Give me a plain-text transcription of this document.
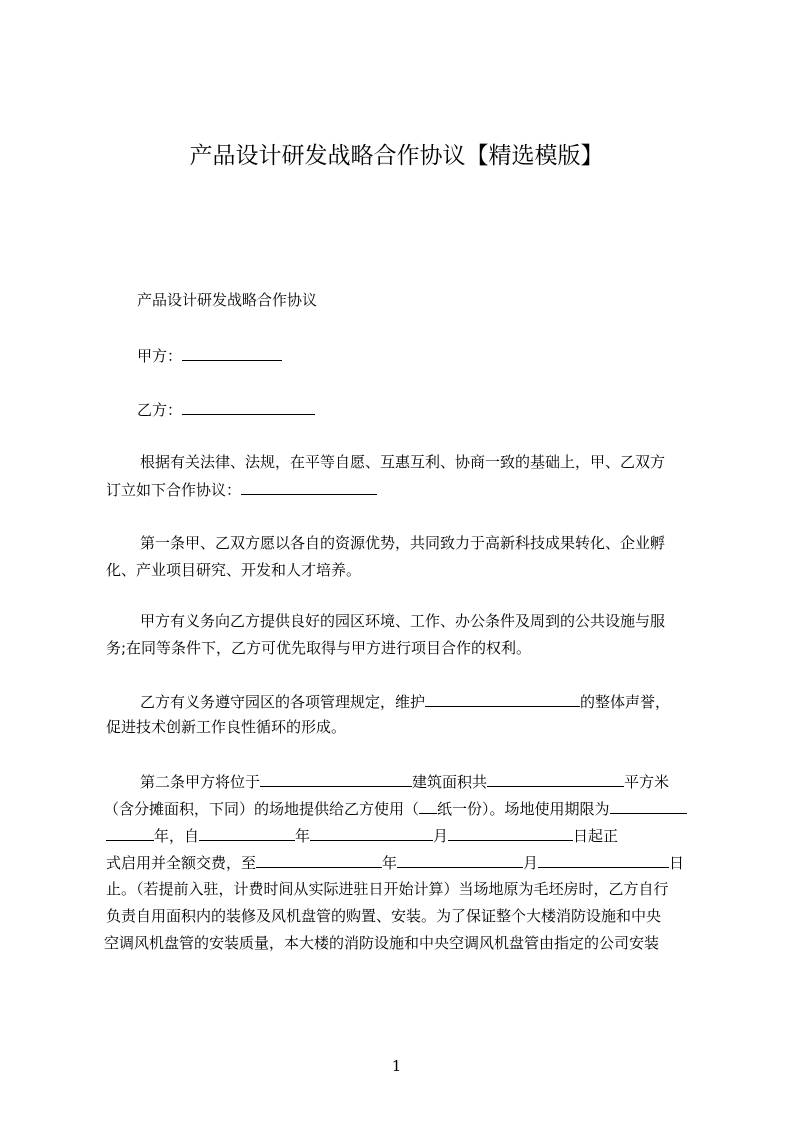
产品设计研发战略合作协议【精选模版】

产品设计研发战略合作协议

甲方：

乙方：

根据有关法律、法规，在平等自愿、互惠互利、协商一致的基础上，甲、乙双方

订立如下合作协议：

第一条甲、乙双方愿以各自的资源优势，共同致力于高新科技成果转化、企业孵

化、产业项目研究、开发和人才培养。

甲方有义务向乙方提供良好的园区环境、工作、办公条件及周到的公共设施与服

务;在同等条件下，乙方可优先取得与甲方进行项目合作的权利。

乙方有义务遵守园区的各项管理规定，维护	的整体声誉，

促进技术创新工作良性循环的形成。

第二条甲方将位于	建筑面积共	平方米

（含分摊面积，下同）的场地提供给乙方使用（ 纸一份）。场地使用期限为

年，自	年	月	日起正

式启用并全额交费，至	年	月	日

止。（若提前入驻，计费时间从实际进驻日开始计算）当场地原为毛坯房时，乙方自行

负责自用面积内的装修及风机盘管的购置、安装。为了保证整个大楼消防设施和中央

空调风机盘管的安装质量，本大楼的消防设施和中央空调风机盘管由指定的公司安装

1
